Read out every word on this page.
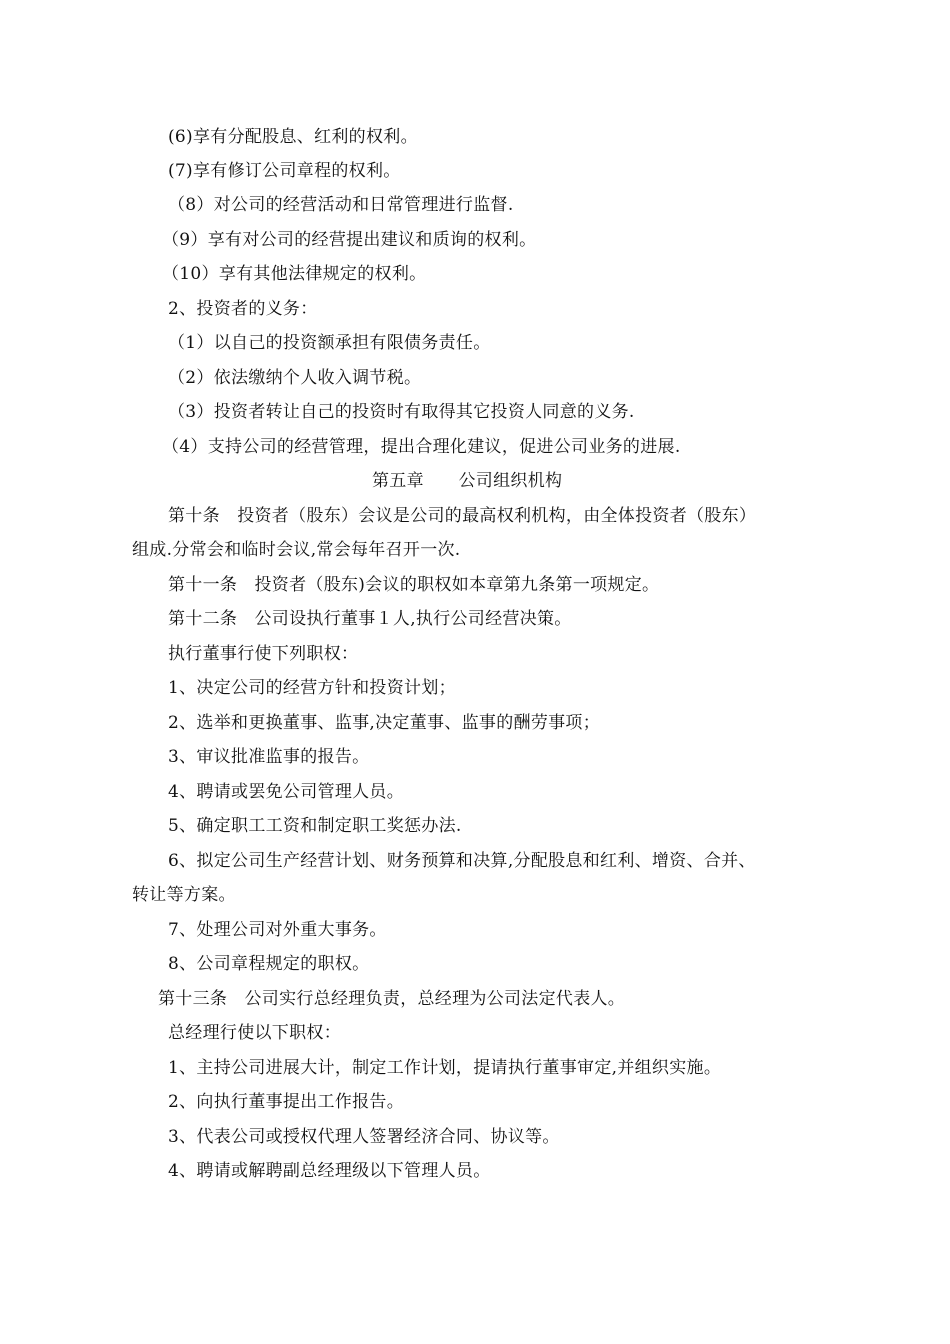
(6)享有分配股息、红利的权利。
(7)享有修订公司章程的权利。
（8）对公司的经营活动和日常管理进行监督.
（9）享有对公司的经营提出建议和质询的权利。
（10）享有其他法律规定的权利。
2、投资者的义务：
（1）以自己的投资额承担有限债务责任。
（2）依法缴纳个人收入调节税。
（3）投资者转让自己的投资时有取得其它投资人同意的义务.
（4）支持公司的经营管理，提出合理化建议，促进公司业务的进展.
第五章　　公司组织机构
第十条　投资者（股东）会议是公司的最高权利机构，由全体投资者（股东）
组成.分常会和临时会议,常会每年召开一次.
第十一条　投资者（股东)会议的职权如本章第九条第一项规定。
第十二条　公司设执行董事１人,执行公司经营决策。
执行董事行使下列职权：
1、决定公司的经营方针和投资计划；
2、选举和更换董事、监事,决定董事、监事的酬劳事项；
3、审议批准监事的报告。
4、聘请或罢免公司管理人员。
5、确定职工工资和制定职工奖惩办法.
6、拟定公司生产经营计划、财务预算和决算,分配股息和红利、增资、合并、
转让等方案。
7、处理公司对外重大事务。
8、公司章程规定的职权。
第十三条　公司实行总经理负责，总经理为公司法定代表人。
总经理行使以下职权：
1、主持公司进展大计，制定工作计划，提请执行董事审定,并组织实施。
2、向执行董事提出工作报告。
3、代表公司或授权代理人签署经济合同、协议等。
4、聘请或解聘副总经理级以下管理人员。
